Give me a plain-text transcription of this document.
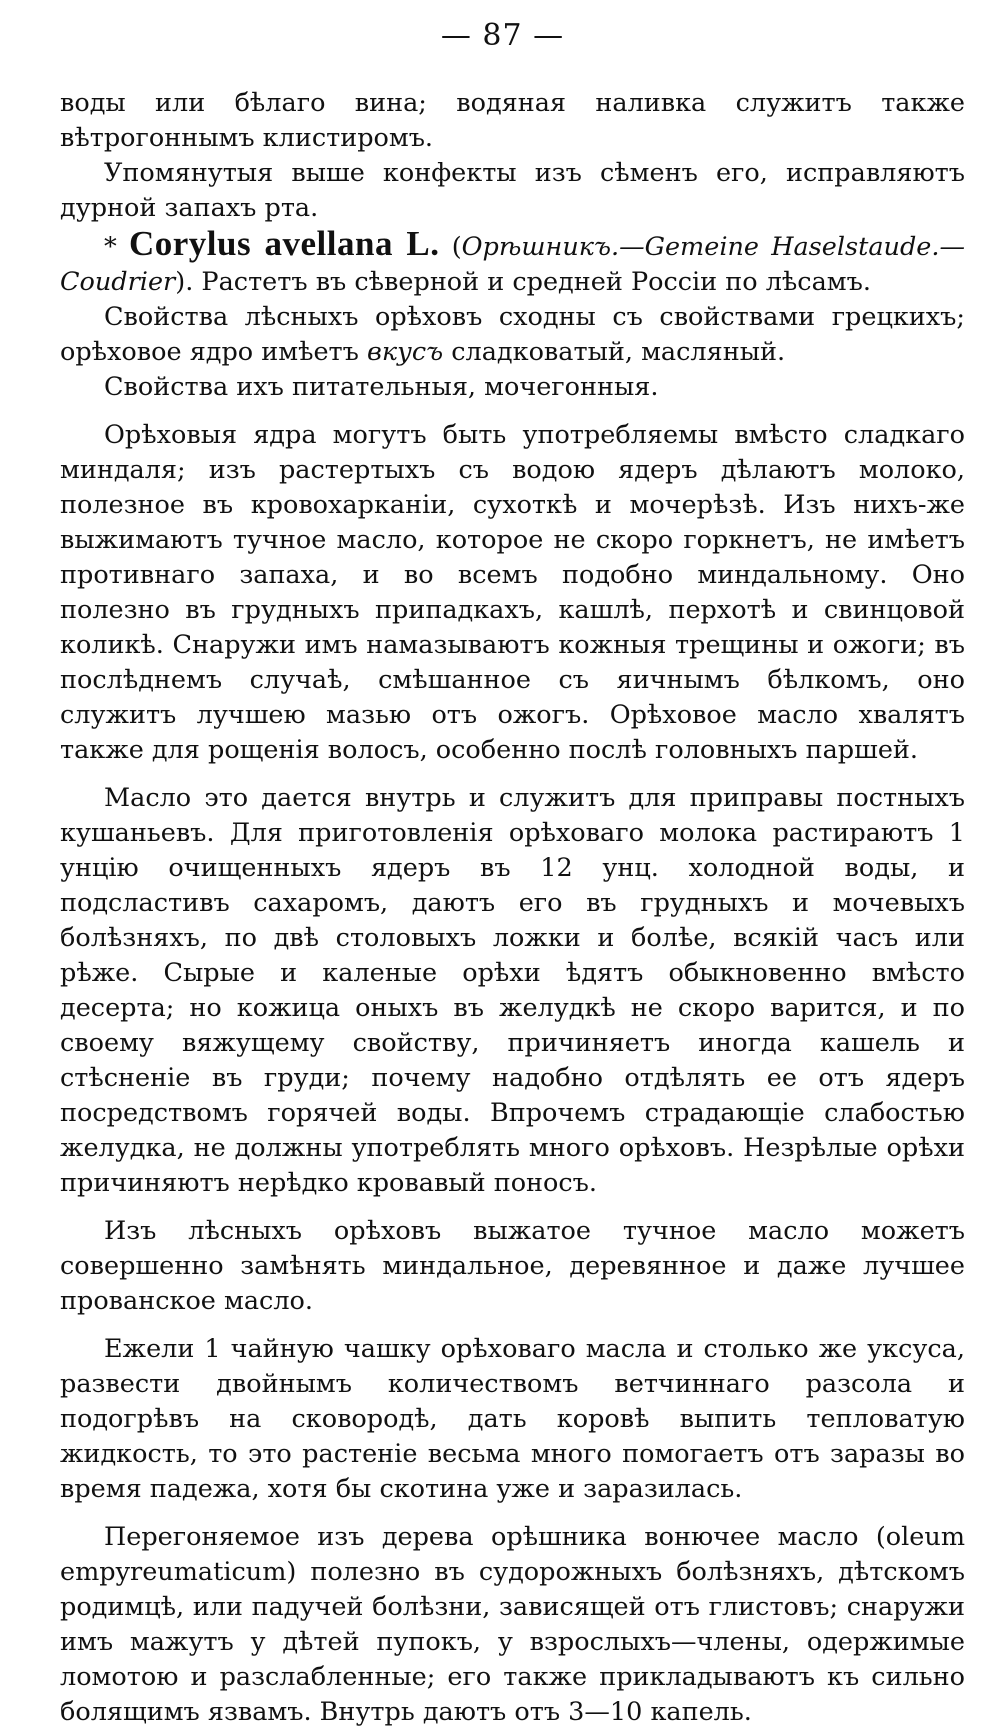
— 87 —

воды или бѣлаго вина; водяная наливка служитъ также вѣтрогоннымъ клистиромъ.

Упомянутыя выше конфекты изъ сѣменъ его, исправляютъ дурной запахъ рта.

* Corylus avellana L. (Орѣшникъ.—Gemeine Haselstaude.—Coudrier). Растетъ въ сѣверной и средней Россіи по лѣсамъ.

Свойства лѣсныхъ орѣховъ сходны съ свойствами грецкихъ; орѣховое ядро имѣетъ вкусъ сладковатый, масляный.

Свойства ихъ питательныя, мочегонныя.

Орѣховыя ядра могутъ быть употребляемы вмѣсто сладкаго миндаля; изъ растертыхъ съ водою ядеръ дѣлаютъ молоко, полезное въ кровохарканіи, сухоткѣ и мочерѣзѣ. Изъ нихъ-же выжимаютъ тучное масло, которое не скоро горкнетъ, не имѣетъ противнаго запаха, и во всемъ подобно миндальному. Оно полезно въ грудныхъ припадкахъ, кашлѣ, перхотѣ и свинцовой коликѣ. Снаружи имъ намазываютъ кожныя трещины и ожоги; въ послѣднемъ случаѣ, смѣшанное съ яичнымъ бѣлкомъ, оно служитъ лучшею мазью отъ ожогъ. Орѣховое масло хвалятъ также для рощенія волосъ, особенно послѣ головныхъ паршей.

Масло это дается внутрь и служитъ для приправы постныхъ кушаньевъ. Для приготовленія орѣховаго молока растираютъ 1 унцію очищенныхъ ядеръ въ 12 унц. холодной воды, и подсластивъ сахаромъ, даютъ его въ грудныхъ и мочевыхъ болѣзняхъ, по двѣ столовыхъ ложки и болѣе, всякій часъ или рѣже. Сырые и каленые орѣхи ѣдятъ обыкновенно вмѣсто десерта; но кожица оныхъ въ желудкѣ не скоро варится, и по своему вяжущему свойству, причиняетъ иногда кашель и стѣсненіе въ груди; почему надобно отдѣлять ее отъ ядеръ посредствомъ горячей воды. Впрочемъ страдающіе слабостью желудка, не должны употреблять много орѣховъ. Незрѣлые орѣхи причиняютъ нерѣдко кровавый поносъ.

Изъ лѣсныхъ орѣховъ выжатое тучное масло можетъ совершенно замѣнять миндальное, деревянное и даже лучшее прованское масло.

Ежели 1 чайную чашку орѣховаго масла и столько же уксуса, развести двойнымъ количествомъ ветчиннаго разсола и подогрѣвъ на сковородѣ, дать коровѣ выпить тепловатую жидкость, то это растеніе весьма много помогаетъ отъ заразы во время падежа, хотя бы скотина уже и заразилась.

Перегоняемое изъ дерева орѣшника вонючее масло (oleum empyreumaticum) полезно въ судорожныхъ болѣзняхъ, дѣтскомъ родимцѣ, или падучей болѣзни, зависящей отъ глистовъ; снаружи имъ мажутъ у дѣтей пупокъ, у взрослыхъ—члены, одержимые ломотою и разслабленные; его также прикладываютъ къ сильно болящимъ язвамъ. Внутрь даютъ отъ 3—10 капель.
